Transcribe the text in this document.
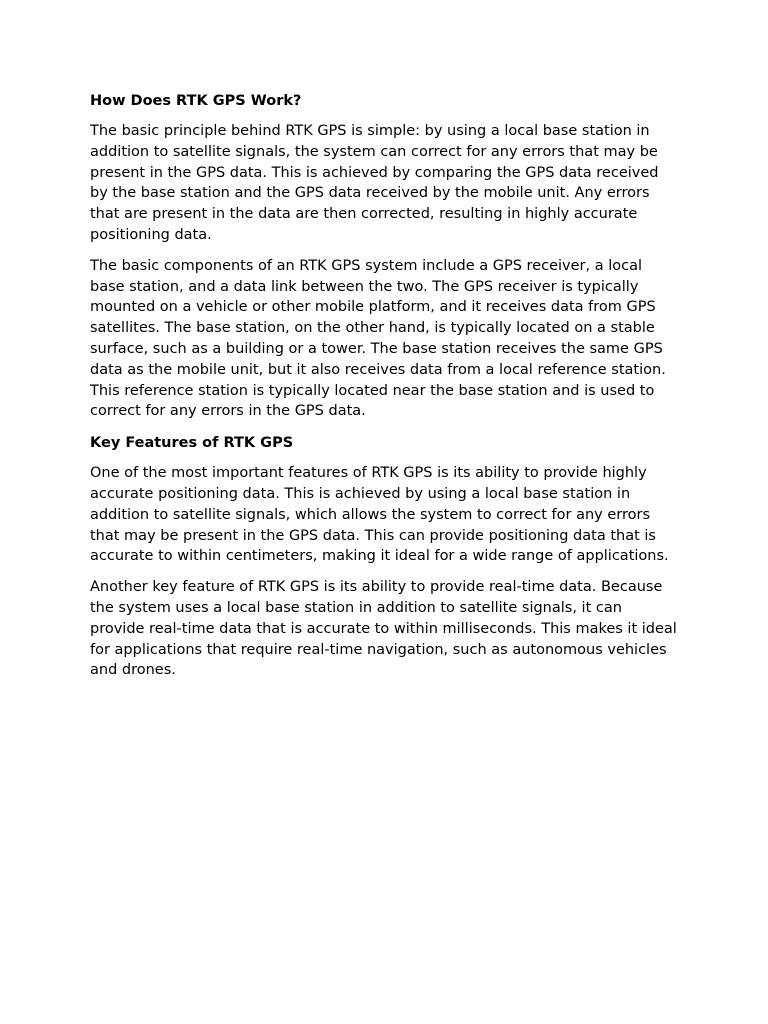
How Does RTK GPS Work?

The basic principle behind RTK GPS is simple: by using a local base station in addition to satellite signals, the system can correct for any errors that may be present in the GPS data. This is achieved by comparing the GPS data received by the base station and the GPS data received by the mobile unit. Any errors that are present in the data are then corrected, resulting in highly accurate positioning data.

The basic components of an RTK GPS system include a GPS receiver, a local base station, and a data link between the two. The GPS receiver is typically mounted on a vehicle or other mobile platform, and it receives data from GPS satellites. The base station, on the other hand, is typically located on a stable surface, such as a building or a tower. The base station receives the same GPS data as the mobile unit, but it also receives data from a local reference station. This reference station is typically located near the base station and is used to correct for any errors in the GPS data.

Key Features of RTK GPS

One of the most important features of RTK GPS is its ability to provide highly accurate positioning data. This is achieved by using a local base station in addition to satellite signals, which allows the system to correct for any errors that may be present in the GPS data. This can provide positioning data that is accurate to within centimeters, making it ideal for a wide range of applications.

Another key feature of RTK GPS is its ability to provide real-time data. Because the system uses a local base station in addition to satellite signals, it can provide real-time data that is accurate to within milliseconds. This makes it ideal for applications that require real-time navigation, such as autonomous vehicles and drones.
